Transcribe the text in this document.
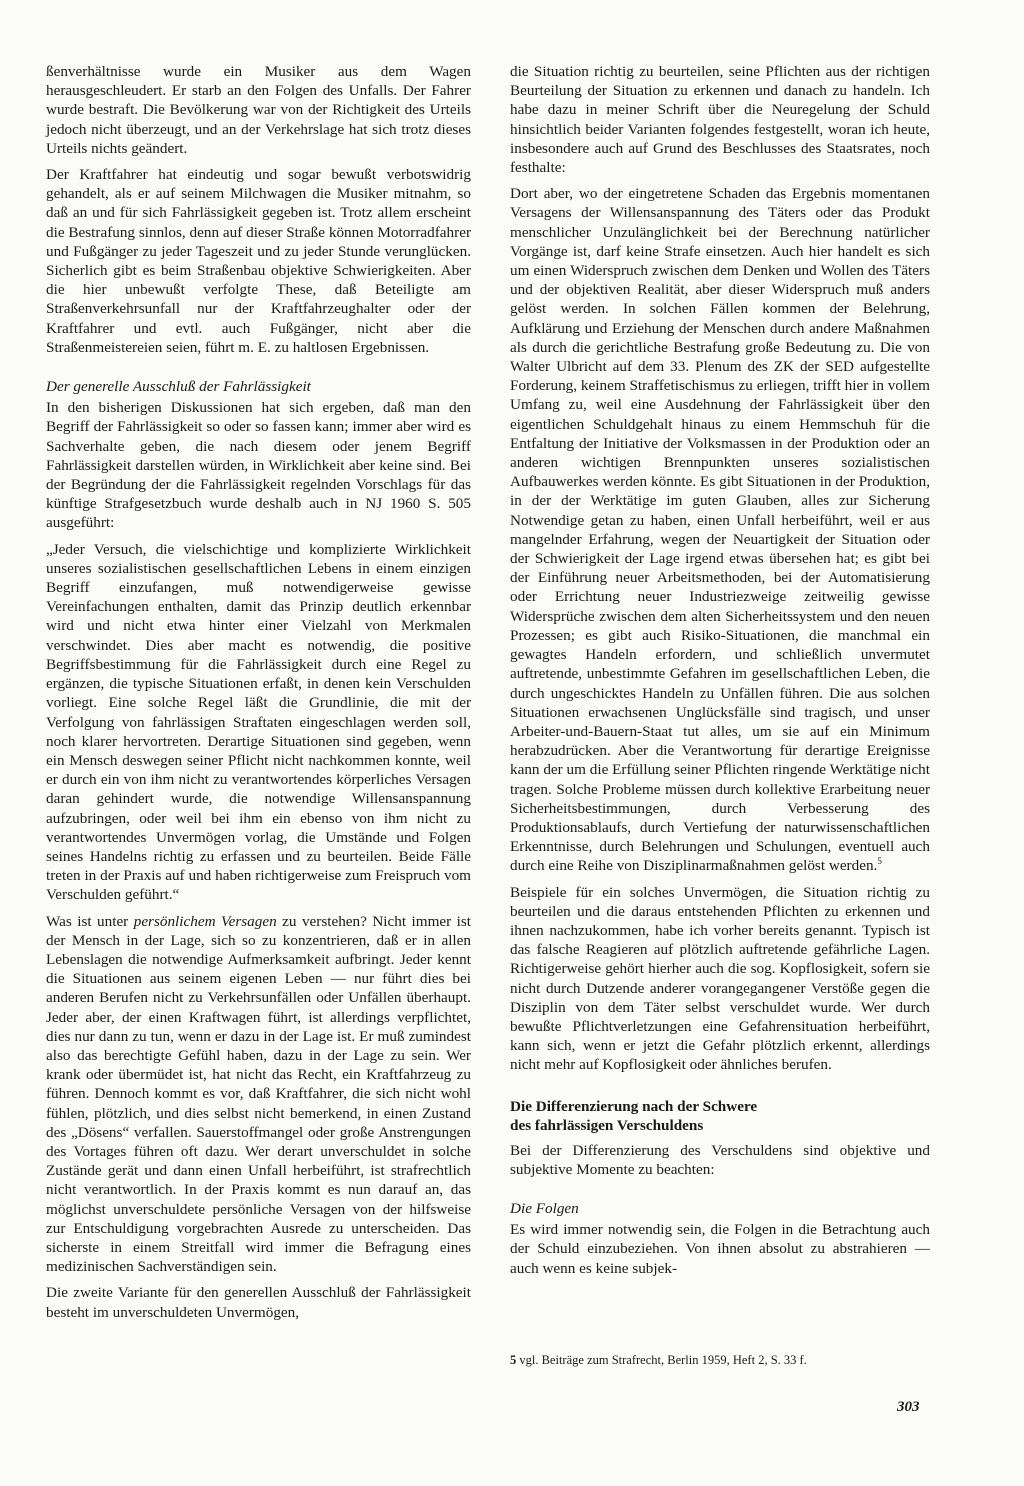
ßenverhältnisse wurde ein Musiker aus dem Wagen herausgeschleudert. Er starb an den Folgen des Unfalls. Der Fahrer wurde bestraft. Die Bevölkerung war von der Richtigkeit des Urteils jedoch nicht überzeugt, und an der Verkehrslage hat sich trotz dieses Urteils nichts geändert.

Der Kraftfahrer hat eindeutig und sogar bewußt verbotswidrig gehandelt, als er auf seinem Milchwagen die Musiker mitnahm, so daß an und für sich Fahrlässigkeit gegeben ist. Trotz allem erscheint die Bestrafung sinnlos, denn auf dieser Straße können Motorradfahrer und Fußgänger zu jeder Tageszeit und zu jeder Stunde verunglücken. Sicherlich gibt es beim Straßenbau objektive Schwierigkeiten. Aber die hier unbewußt verfolgte These, daß Beteiligte am Straßenverkehrsunfall nur der Kraftfahrzeughalter oder der Kraftfahrer und evtl. auch Fußgänger, nicht aber die Straßenmeistereien seien, führt m. E. zu haltlosen Ergebnissen.

Der generelle Ausschluß der Fahrlässigkeit

In den bisherigen Diskussionen hat sich ergeben, daß man den Begriff der Fahrlässigkeit so oder so fassen kann; immer aber wird es Sachverhalte geben, die nach diesem oder jenem Begriff Fahrlässigkeit darstellen würden, in Wirklichkeit aber keine sind. Bei der Begründung der die Fahrlässigkeit regelnden Vorschlags für das künftige Strafgesetzbuch wurde deshalb auch in NJ 1960 S. 505 ausgeführt:

„Jeder Versuch, die vielschichtige und komplizierte Wirklichkeit unseres sozialistischen gesellschaftlichen Lebens in einem einzigen Begriff einzufangen, muß notwendigerweise gewisse Vereinfachungen enthalten, damit das Prinzip deutlich erkennbar wird und nicht etwa hinter einer Vielzahl von Merkmalen verschwindet. Dies aber macht es notwendig, die positive Begriffsbestimmung für die Fahrlässigkeit durch eine Regel zu ergänzen, die typische Situationen erfaßt, in denen kein Verschulden vorliegt. Eine solche Regel läßt die Grundlinie, die mit der Verfolgung von fahrlässigen Straftaten eingeschlagen werden soll, noch klarer hervortreten. Derartige Situationen sind gegeben, wenn ein Mensch deswegen seiner Pflicht nicht nachkommen konnte, weil er durch ein von ihm nicht zu verantwortendes körperliches Versagen daran gehindert wurde, die notwendige Willensanspannung aufzubringen, oder weil bei ihm ein ebenso von ihm nicht zu verantwortendes Unvermögen vorlag, die Umstände und Folgen seines Handelns richtig zu erfassen und zu beurteilen. Beide Fälle treten in der Praxis auf und haben richtigerweise zum Freispruch vom Verschulden geführt.“

Was ist unter persönlichem Versagen zu verstehen? Nicht immer ist der Mensch in der Lage, sich so zu konzentrieren, daß er in allen Lebenslagen die notwendige Aufmerksamkeit aufbringt. Jeder kennt die Situationen aus seinem eigenen Leben — nur führt dies bei anderen Berufen nicht zu Verkehrsunfällen oder Unfällen überhaupt. Jeder aber, der einen Kraftwagen führt, ist allerdings verpflichtet, dies nur dann zu tun, wenn er dazu in der Lage ist. Er muß zumindest also das berechtigte Gefühl haben, dazu in der Lage zu sein. Wer krank oder übermüdet ist, hat nicht das Recht, ein Kraftfahrzeug zu führen. Dennoch kommt es vor, daß Kraftfahrer, die sich nicht wohl fühlen, plötzlich, und dies selbst nicht bemerkend, in einen Zustand des „Dösens“ verfallen. Sauerstoffmangel oder große Anstrengungen des Vortages führen oft dazu. Wer derart unverschuldet in solche Zustände gerät und dann einen Unfall herbeiführt, ist strafrechtlich nicht verantwortlich. In der Praxis kommt es nun darauf an, das möglichst unverschuldete persönliche Versagen von der hilfsweise zur Entschuldigung vorgebrachten Ausrede zu unterscheiden. Das sicherste in einem Streitfall wird immer die Befragung eines medizinischen Sachverständigen sein.

Die zweite Variante für den generellen Ausschluß der Fahrlässigkeit besteht im unverschuldeten Unvermögen,

die Situation richtig zu beurteilen, seine Pflichten aus der richtigen Beurteilung der Situation zu erkennen und danach zu handeln. Ich habe dazu in meiner Schrift über die Neuregelung der Schuld hinsichtlich beider Varianten folgendes festgestellt, woran ich heute, insbesondere auch auf Grund des Beschlusses des Staatsrates, noch festhalte:

Dort aber, wo der eingetretene Schaden das Ergebnis momentanen Versagens der Willensanspannung des Täters oder das Produkt menschlicher Unzulänglichkeit bei der Berechnung natürlicher Vorgänge ist, darf keine Strafe einsetzen. Auch hier handelt es sich um einen Widerspruch zwischen dem Denken und Wollen des Täters und der objektiven Realität, aber dieser Widerspruch muß anders gelöst werden. In solchen Fällen kommen der Belehrung, Aufklärung und Erziehung der Menschen durch andere Maßnahmen als durch die gerichtliche Bestrafung große Bedeutung zu. Die von Walter Ulbricht auf dem 33. Plenum des ZK der SED aufgestellte Forderung, keinem Straffetischismus zu erliegen, trifft hier in vollem Umfang zu, weil eine Ausdehnung der Fahrlässigkeit über den eigentlichen Schuldgehalt hinaus zu einem Hemmschuh für die Entfaltung der Initiative der Volksmassen in der Produktion oder an anderen wichtigen Brennpunkten unseres sozialistischen Aufbauwerkes werden könnte. Es gibt Situationen in der Produktion, in der der Werktätige im guten Glauben, alles zur Sicherung Notwendige getan zu haben, einen Unfall herbeiführt, weil er aus mangelnder Erfahrung, wegen der Neuartigkeit der Situation oder der Schwierigkeit der Lage irgend etwas übersehen hat; es gibt bei der Einführung neuer Arbeitsmethoden, bei der Automatisierung oder Errichtung neuer Industriezweige zeitweilig gewisse Widersprüche zwischen dem alten Sicherheitssystem und den neuen Prozessen; es gibt auch Risiko-Situationen, die manchmal ein gewagtes Handeln erfordern, und schließlich unvermutet auftretende, unbestimmte Gefahren im gesellschaftlichen Leben, die durch ungeschicktes Handeln zu Unfällen führen. Die aus solchen Situationen erwachsenen Unglücksfälle sind tragisch, und unser Arbeiter-und-Bauern-Staat tut alles, um sie auf ein Minimum herabzudrücken. Aber die Verantwortung für derartige Ereignisse kann der um die Erfüllung seiner Pflichten ringende Werktätige nicht tragen. Solche Probleme müssen durch kollektive Erarbeitung neuer Sicherheitsbestimmungen, durch Verbesserung des Produktionsablaufs, durch Vertiefung der naturwissenschaftlichen Erkenntnisse, durch Belehrungen und Schulungen, eventuell auch durch eine Reihe von Disziplinarmaßnahmen gelöst werden.$^5$

Beispiele für ein solches Unvermögen, die Situation richtig zu beurteilen und die daraus entstehenden Pflichten zu erkennen und ihnen nachzukommen, habe ich vorher bereits genannt. Typisch ist das falsche Reagieren auf plötzlich auftretende gefährliche Lagen. Richtigerweise gehört hierher auch die sog. Kopflosigkeit, sofern sie nicht durch Dutzende anderer vorangegangener Verstöße gegen die Disziplin von dem Täter selbst verschuldet wurde. Wer durch bewußte Pflichtverletzungen eine Gefahrensituation herbeiführt, kann sich, wenn er jetzt die Gefahr plötzlich erkennt, allerdings nicht mehr auf Kopflosigkeit oder ähnliches berufen.

Die Differenzierung nach der Schwere
des fahrlässigen Verschuldens

Bei der Differenzierung des Verschuldens sind objektive und subjektive Momente zu beachten:

Die Folgen

Es wird immer notwendig sein, die Folgen in die Betrachtung auch der Schuld einzubeziehen. Von ihnen absolut zu abstrahieren — auch wenn es keine subjek-

5 vgl. Beiträge zum Strafrecht, Berlin 1959, Heft 2, S. 33 f.
303
